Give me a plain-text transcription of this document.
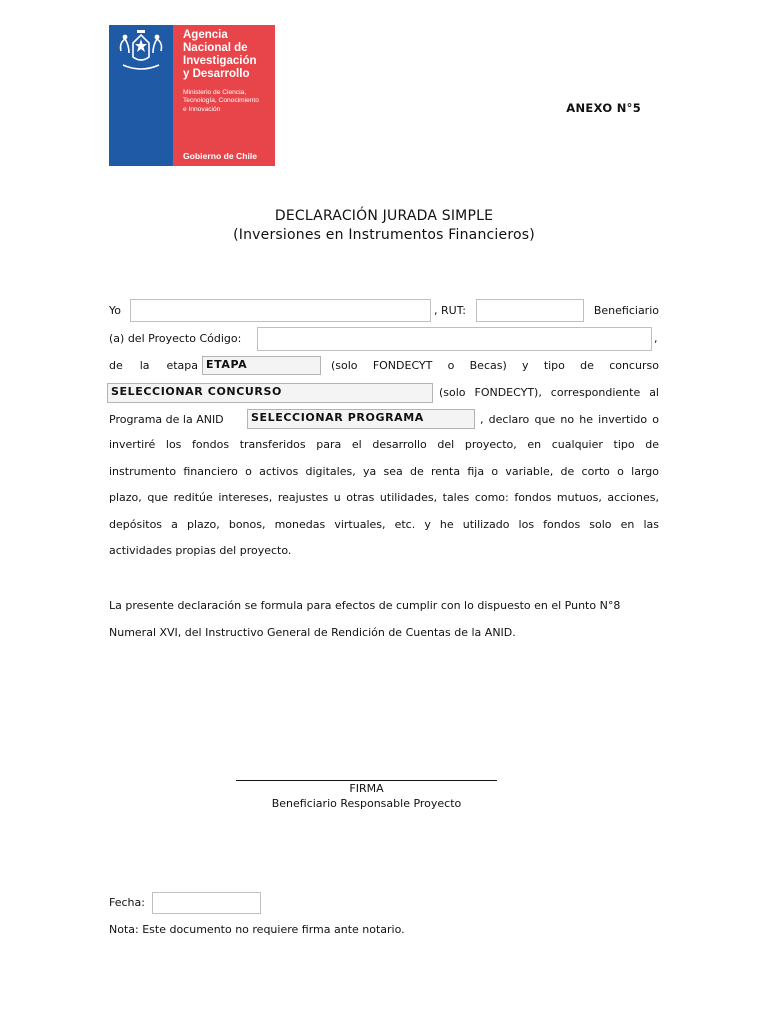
Agencia
Nacional de
Investigación
y Desarrollo
Ministerio de Ciencia,
Tecnología, Conocimiento
e Innovación
Gobierno de Chile
ANEXO N°5
DECLARACIÓN JURADA SIMPLE
(Inversiones en Instrumentos Financieros)
Yo	, RUT:	Beneficiario
(a) del Proyecto Código:	,
de la etapa ETAPA	(solo FONDECYT o Becas) y tipo de concurso
SELECCIONAR CONCURSO	(solo FONDECYT), correspondiente al
Programa de la ANID	SELECCIONAR PROGRAMA	, declaro que no he invertido o
invertiré los fondos transferidos para el desarrollo del proyecto, en cualquier tipo de
instrumento financiero o activos digitales, ya sea de renta fija o variable, de corto o largo
plazo, que reditúe intereses, reajustes u otras utilidades, tales como: fondos mutuos, acciones,
depósitos a plazo, bonos, monedas virtuales, etc. y he utilizado los fondos solo en las
actividades propias del proyecto.
La presente declaración se formula para efectos de cumplir con lo dispuesto en el Punto N°8
Numeral XVI, del Instructivo General de Rendición de Cuentas de la ANID.
FIRMA
Beneficiario Responsable Proyecto
Fecha:
Nota: Este documento no requiere firma ante notario.
